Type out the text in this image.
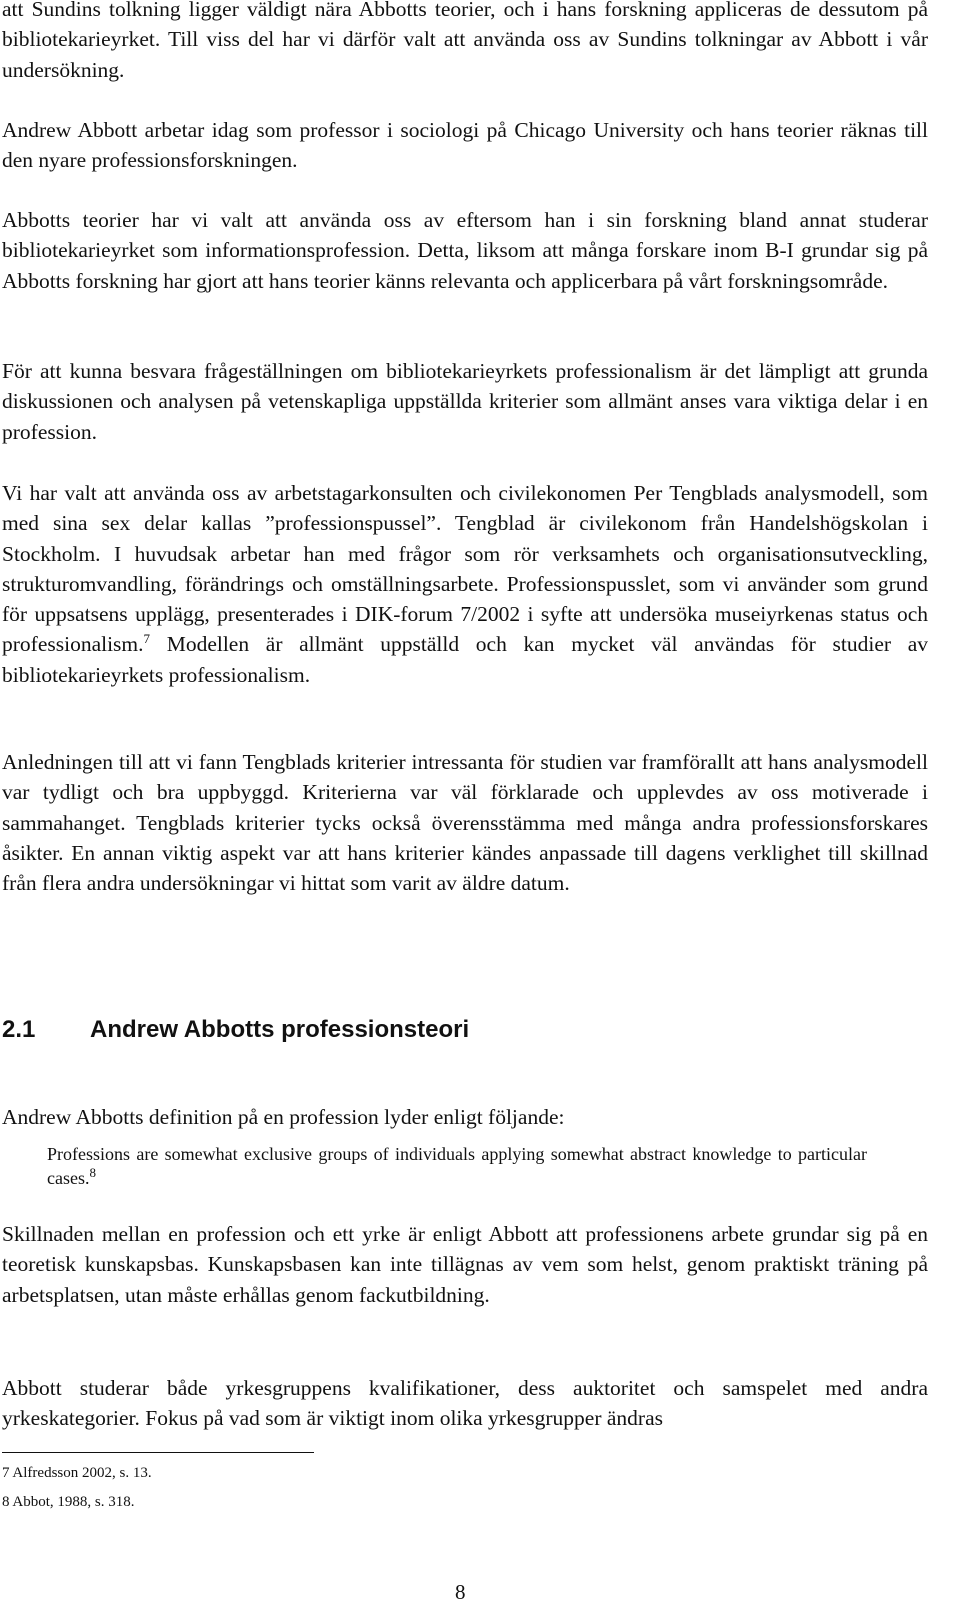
att Sundins tolkning ligger väldigt nära Abbotts teorier, och i hans forskning appliceras de dessutom på bibliotekarieyrket. Till viss del har vi därför valt att använda oss av Sundins tolkningar av Abbott i vår undersökning.

Andrew Abbott arbetar idag som professor i sociologi på Chicago University och hans teorier räknas till den nyare professionsforskningen.

Abbotts teorier har vi valt att använda oss av eftersom han i sin forskning bland annat studerar bibliotekarieyrket som informationsprofession. Detta, liksom att många forskare inom B-I grundar sig på Abbotts forskning har gjort att hans teorier känns relevanta och applicerbara på vårt forskningsområde.

För att kunna besvara frågeställningen om bibliotekarieyrkets professionalism är det lämpligt att grunda diskussionen och analysen på vetenskapliga uppställda kriterier som allmänt anses vara viktiga delar i en profession.

Vi har valt att använda oss av arbetstagarkonsulten och civilekonomen Per Tengblads analysmodell, som med sina sex delar kallas ”professionspussel”. Tengblad är civilekonom från Handelshögskolan i Stockholm. I huvudsak arbetar han med frågor som rör verksamhets och organisationsutveckling, strukturomvandling, förändrings och omställningsarbete. Professionspusslet, som vi använder som grund för uppsatsens upplägg, presenterades i DIK-forum 7/2002 i syfte att undersöka museiyrkenas status och professionalism.$^7$ Modellen är allmänt uppställd och kan mycket väl användas för studier av bibliotekarieyrkets professionalism.

Anledningen till att vi fann Tengblads kriterier intressanta för studien var framförallt att hans analysmodell var tydligt och bra uppbyggd. Kriterierna var väl förklarade och upplevdes av oss motiverade i sammahanget. Tengblads kriterier tycks också överensstämma med många andra professionsforskares åsikter. En annan viktig aspekt var att hans kriterier kändes anpassade till dagens verklighet till skillnad från flera andra undersökningar vi hittat som varit av äldre datum.

2.1 Andrew Abbotts professionsteori

Andrew Abbotts definition på en profession lyder enligt följande:

Professions are somewhat exclusive groups of individuals applying somewhat abstract knowledge to particular cases.$^8$

Skillnaden mellan en profession och ett yrke är enligt Abbott att professionens arbete grundar sig på en teoretisk kunskapsbas. Kunskapsbasen kan inte tillägnas av vem som helst, genom praktiskt träning på arbetsplatsen, utan måste erhållas genom fackutbildning.

Abbott studerar både yrkesgruppens kvalifikationer, dess auktoritet och samspelet med andra yrkeskategorier. Fokus på vad som är viktigt inom olika yrkesgrupper ändras

7 Alfredsson 2002, s. 13.

8 Abbot, 1988, s. 318.

8
